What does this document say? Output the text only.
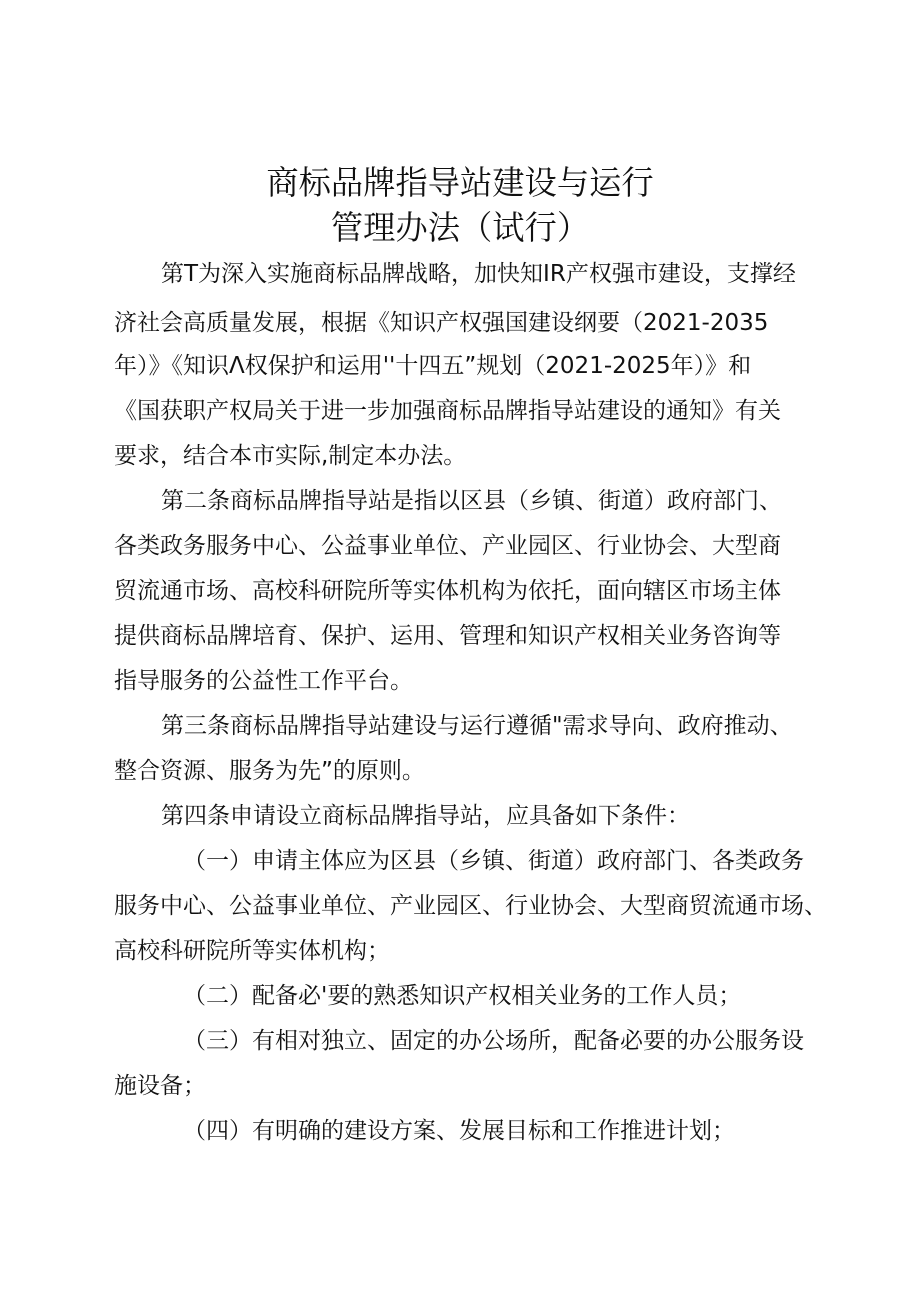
商标品牌指导站建设与运行
管理办法（试行）
第T为深入实施商标品牌战略，加快知IR产权强市建设，支撑经
济社会高质量发展，根据《知识产权强国建设纲要（2021-2035
年）》《知识Λ权保护和运用''十四五”规划（2021-2025年）》和
《国获职产权局关于进一步加强商标品牌指导站建设的通知》有关
要求，结合本市实际,制定本办法。
第二条商标品牌指导站是指以区县（乡镇、街道）政府部门、
各类政务服务中心、公益事业单位、产业园区、行业协会、大型商
贸流通市场、高校科研院所等实体机构为依托，面向辖区市场主体
提供商标品牌培育、保护、运用、管理和知识产权相关业务咨询等
指导服务的公益性工作平台。
第三条商标品牌指导站建设与运行遵循"需求导向、政府推动、
整合资源、服务为先”的原则。
第四条申请设立商标品牌指导站，应具备如下条件：
（一）申请主体应为区县（乡镇、街道）政府部门、各类政务
服务中心、公益事业单位、产业园区、行业协会、大型商贸流通市场、
高校科研院所等实体机构；
（二）配备必'要的熟悉知识产权相关业务的工作人员；
（三）有相对独立、固定的办公场所，配备必要的办公服务设
施设备；
（四）有明确的建设方案、发展目标和工作推进计划；
